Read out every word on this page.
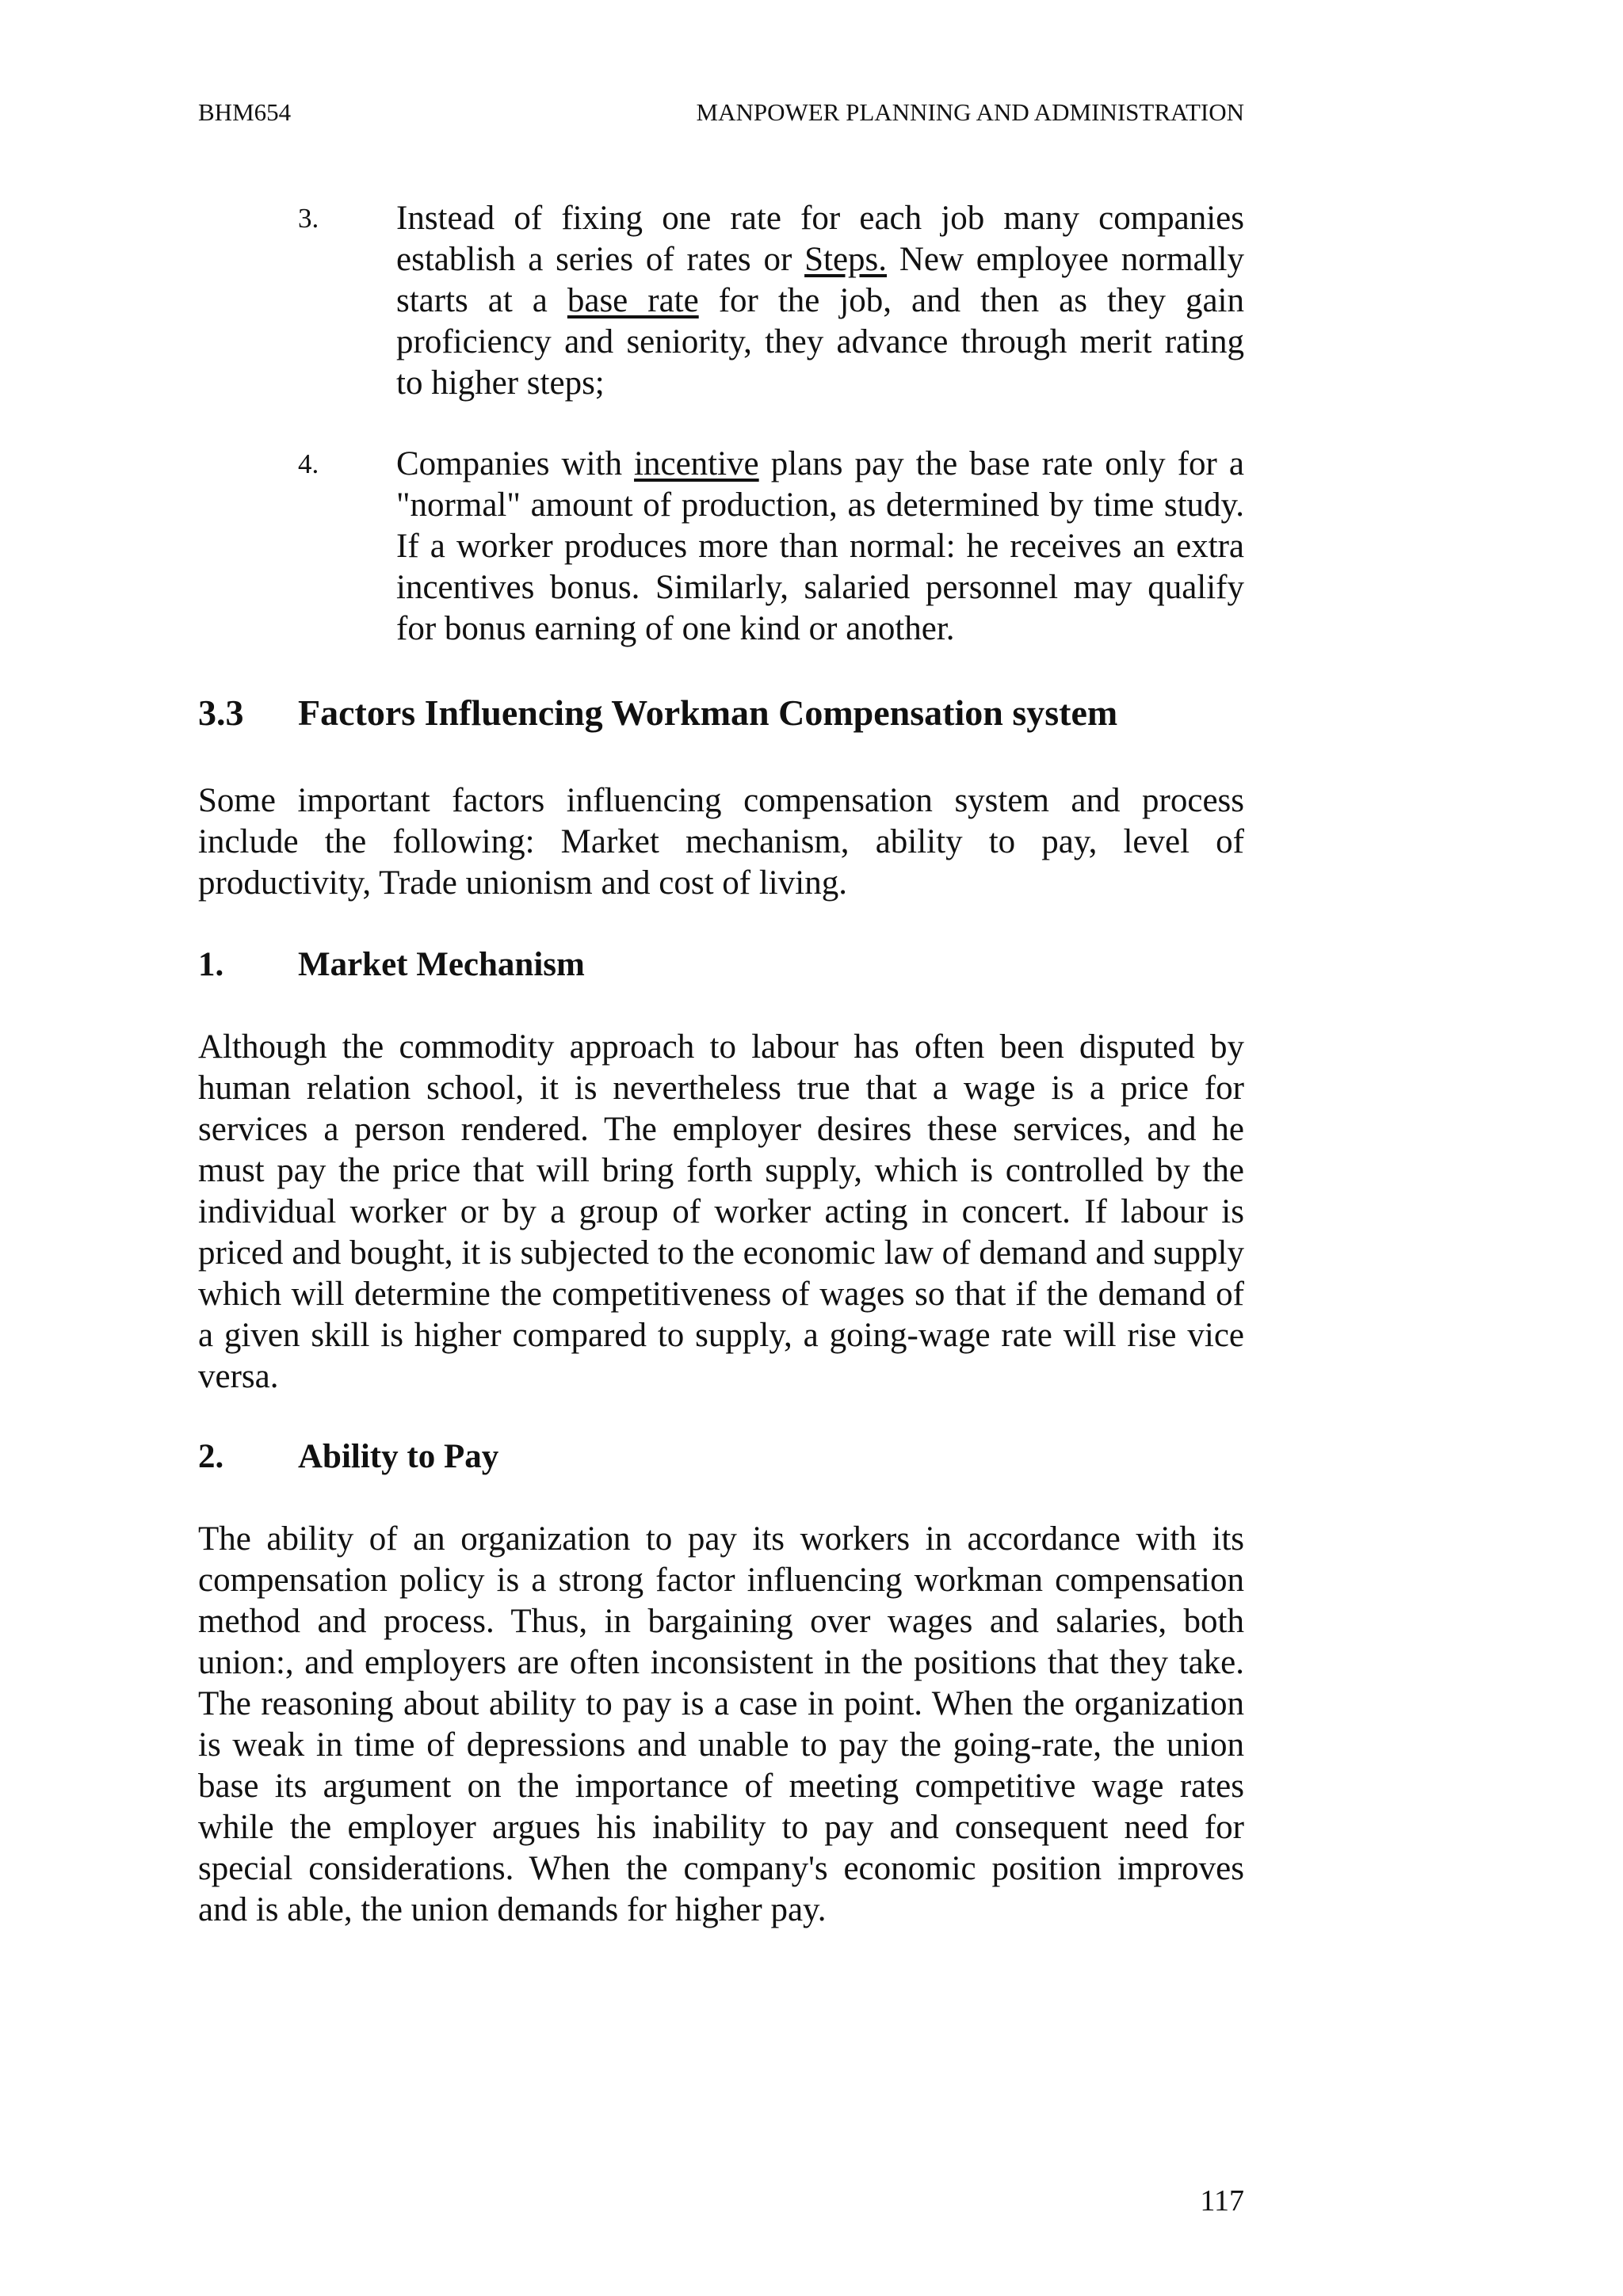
BHM654	MANPOWER PLANNING AND ADMINISTRATION
3. Instead of fixing one rate for each job many companies establish a series of rates or Steps. New employee normally starts at a base rate for the job, and then as they gain proficiency and seniority, they advance through merit rating to higher steps;
4. Companies with incentive plans pay the base rate only for a "normal" amount of production, as determined by time study. If a worker produces more than normal: he receives an extra incentives bonus. Similarly, salaried personnel may qualify for bonus earning of one kind or another.
3.3 Factors Influencing Workman Compensation system
Some important factors influencing compensation system and process include the following: Market mechanism, ability to pay, level of productivity, Trade unionism and cost of living.
1. Market Mechanism
Although the commodity approach to labour has often been disputed by human relation school, it is nevertheless true that a wage is a price for services a person rendered. The employer desires these services, and he must pay the price that will bring forth supply, which is controlled by the individual worker or by a group of worker acting in concert. If labour is priced and bought, it is subjected to the economic law of demand and supply which will determine the competitiveness of wages so that if the demand of a given skill is higher compared to supply, a going-wage rate will rise vice versa.
2. Ability to Pay
The ability of an organization to pay its workers in accordance with its compensation policy is a strong factor influencing workman compensation method and process. Thus, in bargaining over wages and salaries, both union:, and employers are often inconsistent in the positions that they take. The reasoning about ability to pay is a case in point. When the organization is weak in time of depressions and unable to pay the going-rate, the union base its argument on the importance of meeting competitive wage rates while the employer argues his inability to pay and consequent need for special considerations. When the company's economic position improves and is able, the union demands for higher pay.
117
